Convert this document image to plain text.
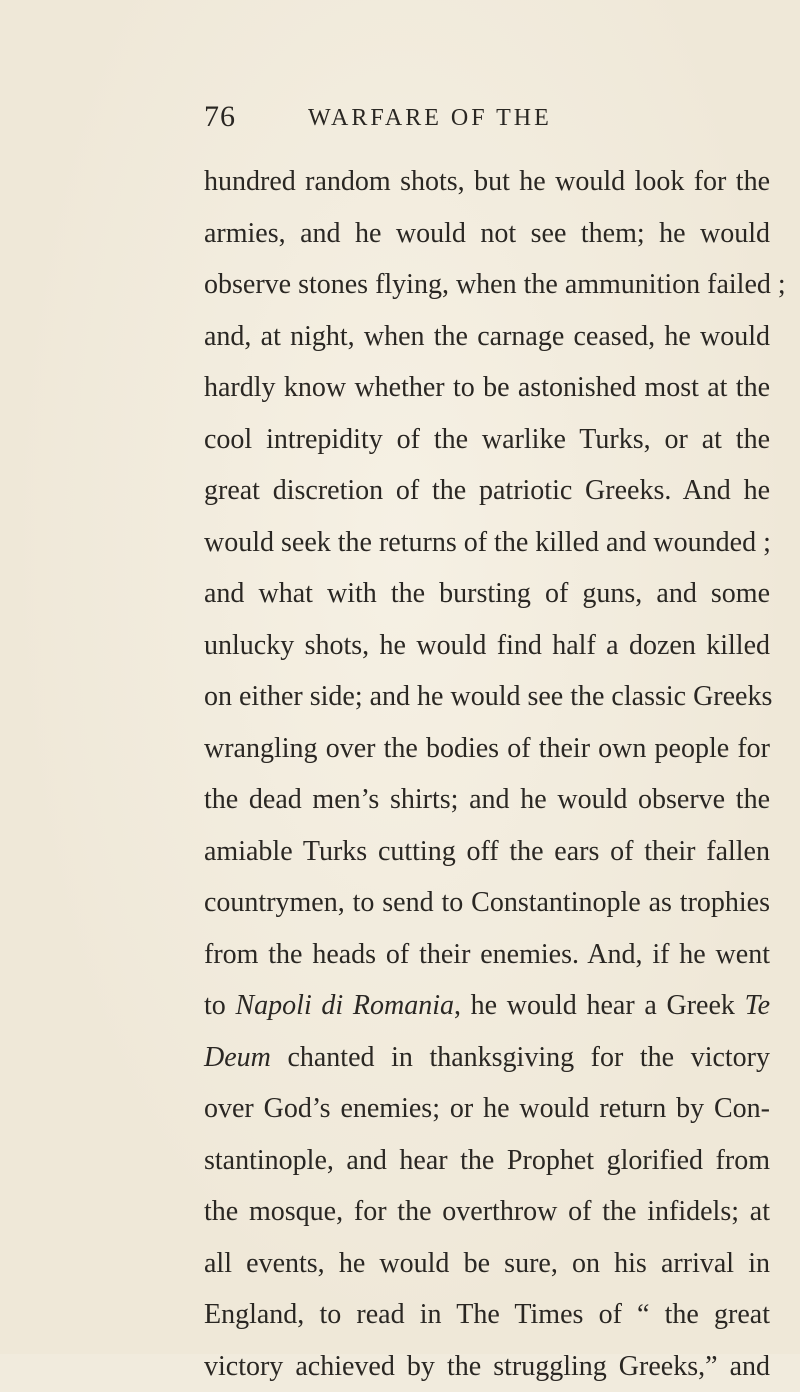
76	WARFARE OF THE
hundred random shots, but he would look for the
armies, and he would not see them; he would
observe stones flying, when the ammunition failed ;
and, at night, when the carnage ceased, he would
hardly know whether to be astonished most at the
cool intrepidity of the warlike Turks, or at the
great discretion of the patriotic Greeks. And he
would seek the returns of the killed and wounded ;
and what with the bursting of guns, and some
unlucky shots, he would find half a dozen killed
on either side; and he would see the classic Greeks
wrangling over the bodies of their own people for
the dead men’s shirts; and he would observe the
amiable Turks cutting off the ears of their fallen
countrymen, to send to Constantinople as trophies
from the heads of their enemies. And, if he went
to Napoli di Romania, he would hear a Greek Te
Deum chanted in thanksgiving for the victory
over God’s enemies; or he would return by Con-
stantinople, and hear the Prophet glorified from
the mosque, for the overthrow of the infidels; at
all events, he would be sure, on his arrival in
England, to read in The Times of “ the great
victory achieved by the struggling Greeks,” and
